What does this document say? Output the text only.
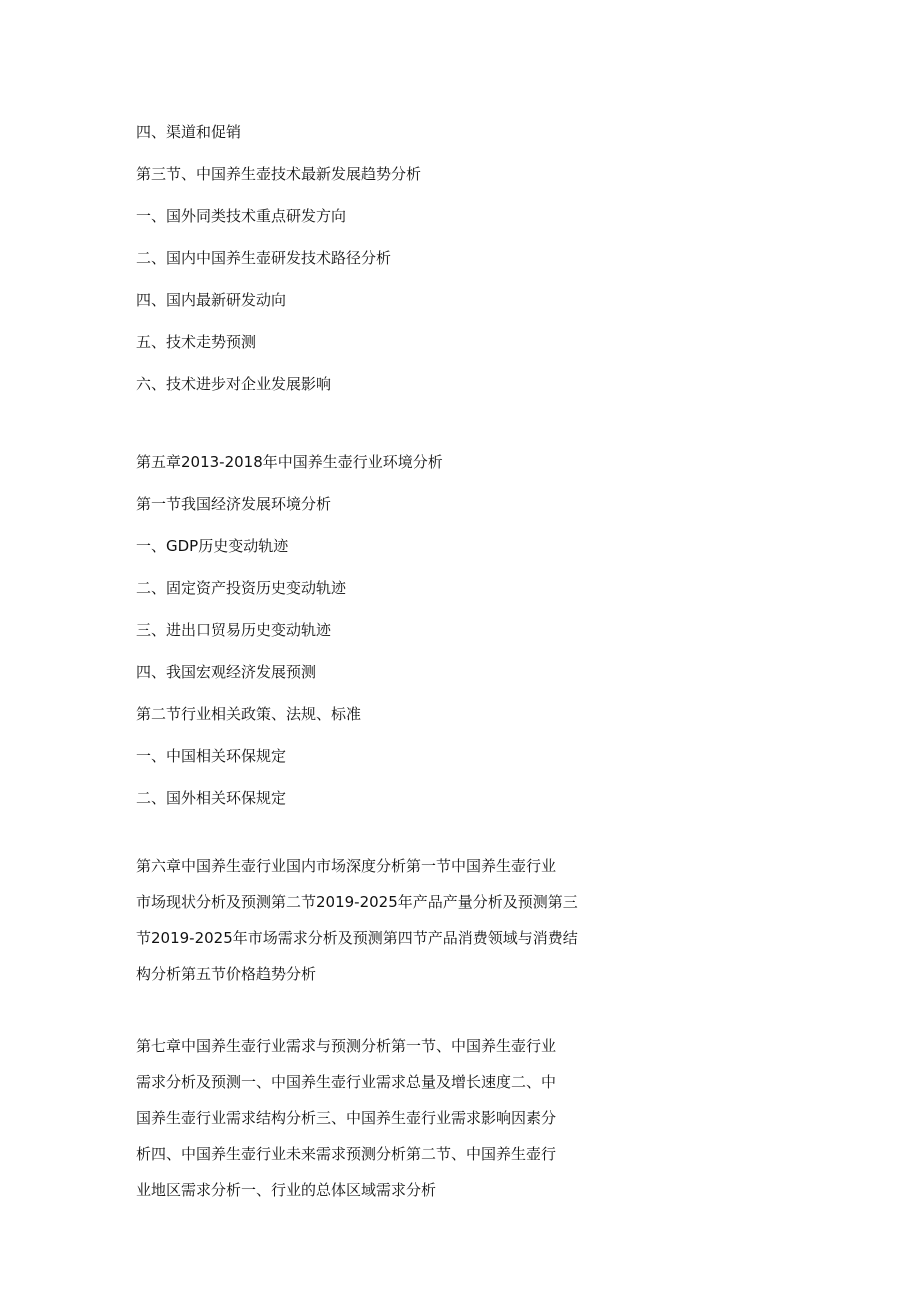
四、渠道和促销

第三节、中国养生壶技术最新发展趋势分析

一、国外同类技术重点研发方向

二、国内中国养生壶研发技术路径分析

四、国内最新研发动向

五、技术走势预测

六、技术进步对企业发展影响

第五章2013-2018年中国养生壶行业环境分析

第一节我国经济发展环境分析

一、GDP历史变动轨迹

二、固定资产投资历史变动轨迹

三、进出口贸易历史变动轨迹

四、我国宏观经济发展预测

第二节行业相关政策、法规、标准

一、中国相关环保规定

二、国外相关环保规定

第六章中国养生壶行业国内市场深度分析第一节中国养生壶行业

市场现状分析及预测第二节2019-2025年产品产量分析及预测第三

节2019-2025年市场需求分析及预测第四节产品消费领域与消费结

构分析第五节价格趋势分析

第七章中国养生壶行业需求与预测分析第一节、中国养生壶行业

需求分析及预测一、中国养生壶行业需求总量及增长速度二、中

国养生壶行业需求结构分析三、中国养生壶行业需求影响因素分

析四、中国养生壶行业未来需求预测分析第二节、中国养生壶行

业地区需求分析一、行业的总体区域需求分析
